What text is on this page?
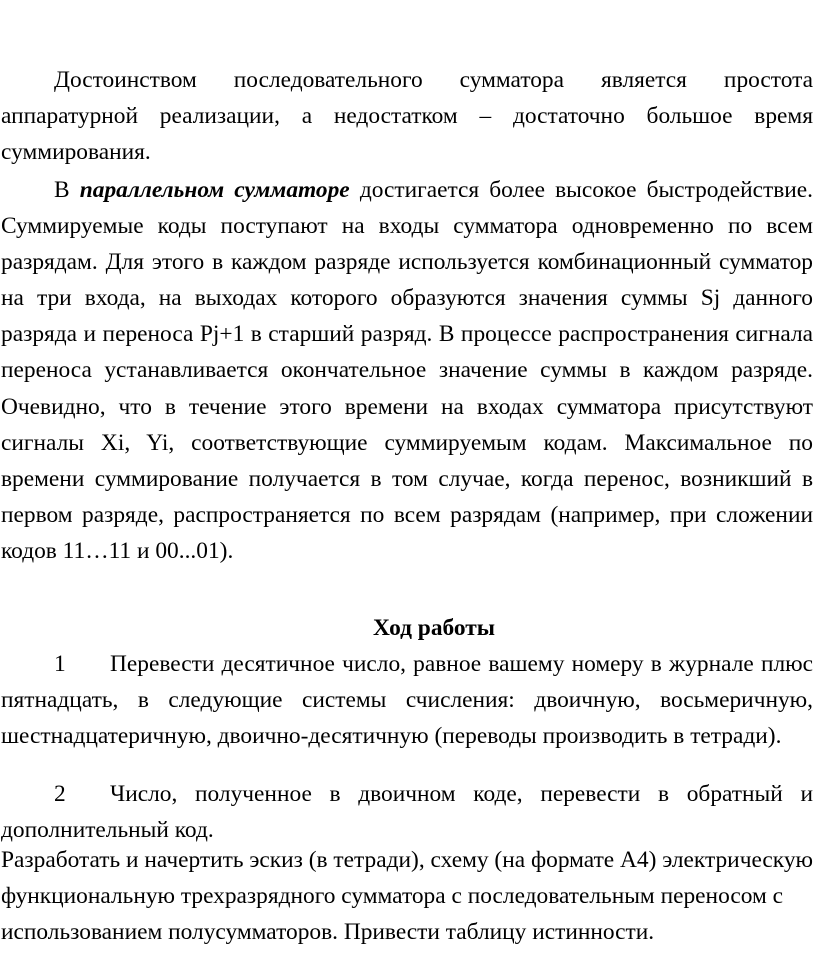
Достоинством последовательного сумматора является простота аппаратурной реализации, а недостатком – достаточно большое время суммирования.

В параллельном сумматоре достигается более высокое быстродействие. Суммируемые коды поступают на входы сумматора одновременно по всем разрядам. Для этого в каждом разряде используется комбинационный сумматор на три входа, на выходах которого образуются значения суммы Sj данного разряда и переноса Pj+1 в старший разряд. В процессе распространения сигнала переноса устанавливается окончательное значение суммы в каждом разряде. Очевидно, что в течение этого времени на входах сумматора присутствуют сигналы Xi, Yi, соответствующие суммируемым кодам. Максимальное по времени суммирование получается в том случае, когда перенос, возникший в первом разряде, распространяется по всем разрядам (например, при сложении кодов 11…11 и 00...01).

Ход работы
1 Перевести десятичное число, равное вашему номеру в журнале плюс пятнадцать, в следующие системы счисления: двоичную, восьмеричную, шестнадцатеричную, двоично-десятичную (переводы производить в тетради).
2 Число, полученное в двоичном коде, перевести в обратный и дополнительный код.
Разработать и начертить эскиз (в тетради), схему (на формате А4) электрическую функциональную трехразрядного сумматора с последовательным переносом с использованием полусумматоров. Привести таблицу истинности.
